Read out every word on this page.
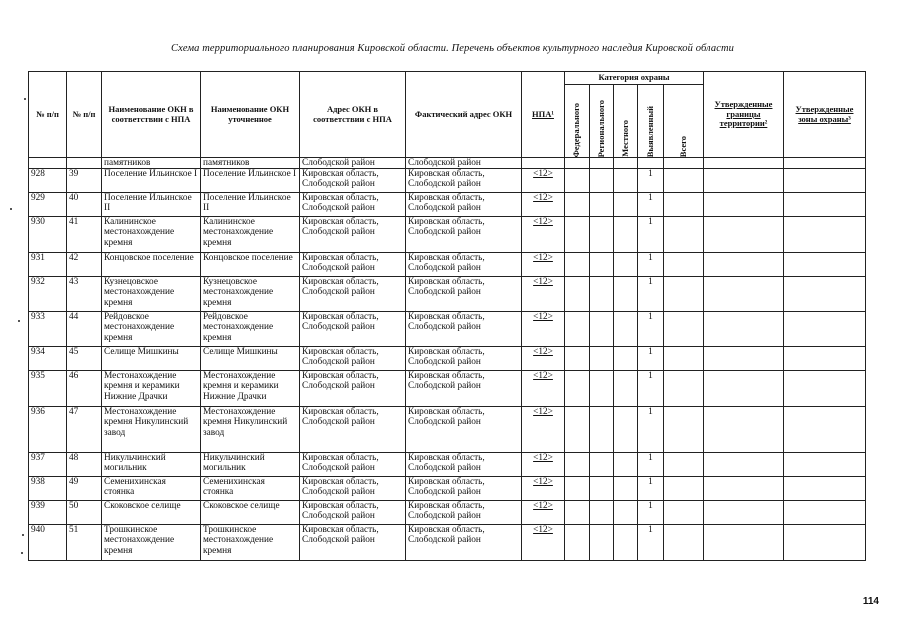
Схема территориального планирования Кировской области. Перечень объектов культурного наследия Кировской области
№ п/п	№ п/п	Наименование ОКН в соответствии с НПА	Наименование ОКН уточненное	Адрес ОКН в соответствии с НПА	Фактический адрес ОКН	НПА¹	Категория охраны					Утвержденные границы территории²	Утвержденные зоны охраны³

							Федерального	Регионального	Местного	Выявленный	Всего		

		памятников	памятников	Слободской район	Слободской район								
928	39	Поселение Ильинское I	Поселение Ильинское I	Кировская область, Слободской район	Кировская область, Слободской район	<12>				1			
929	40	Поселение Ильинское II	Поселение Ильинское II	Кировская область, Слободской район	Кировская область, Слободской район	<12>				1			
930	41	Калининское местонахождение кремня	Калининское местонахождение кремня	Кировская область, Слободской район	Кировская область, Слободской район	<12>				1			
931	42	Концовское поселение	Концовское поселение	Кировская область, Слободской район	Кировская область, Слободской район	<12>				1			
932	43	Кузнецовское местонахождение кремня	Кузнецовское местонахождение кремня	Кировская область, Слободской район	Кировская область, Слободской район	<12>				1			
933	44	Рейдовское местонахождение кремня	Рейдовское местонахождение кремня	Кировская область, Слободской район	Кировская область, Слободской район	<12>				1			
934	45	Селище Мишкины	Селище Мишкины	Кировская область, Слободской район	Кировская область, Слободской район	<12>				1			
935	46	Местонахождение кремня и керамики Нижние Драчки	Местонахождение кремня и керамики Нижние Драчки	Кировская область, Слободской район	Кировская область, Слободской район	<12>				1			
936	47	Местонахождение кремня Никулинский завод	Местонахождение кремня Никулинский завод	Кировская область, Слободской район	Кировская область, Слободской район	<12>				1			
937	48	Никульчинский могильник	Никульчинский могильник	Кировская область, Слободской район	Кировская область, Слободской район	<12>				1			
938	49	Семенихинская стоянка	Семенихинская стоянка	Кировская область, Слободской район	Кировская область, Слободской район	<12>				1			
939	50	Скоковское селище	Скоковское селище	Кировская область, Слободской район	Кировская область, Слободской район	<12>				1			
940	51	Трошкинское местонахождение кремня	Трошкинское местонахождение кремня	Кировская область, Слободской район	Кировская область, Слободской район	<12>				1			
114
